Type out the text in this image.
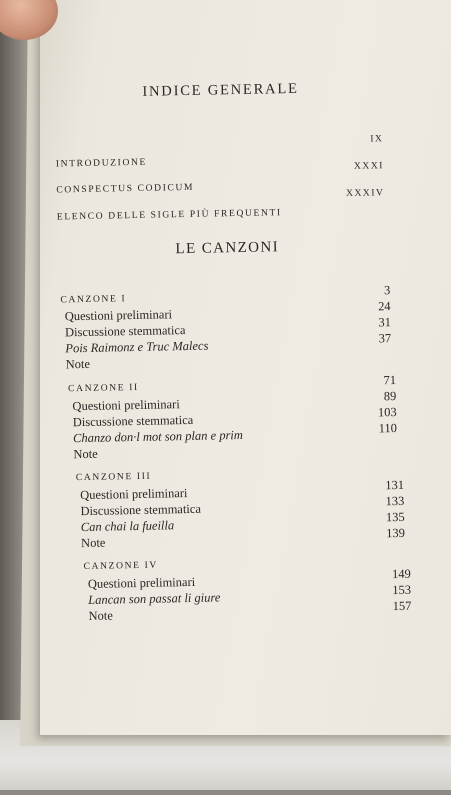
INDICE GENERALE
INTRODUZIONE
IX
CONSPECTUS CODICUM
XXXI
ELENCO DELLE SIGLE PIÙ FREQUENTI
XXXIV
LE CANZONI
CANZONE I
3
Questioni preliminari
24
Discussione stemmatica
31
Pois Raimonz e Truc Malecs
37
Note
CANZONE II
71
Questioni preliminari
89
Discussione stemmatica
103
Chanzo don·l mot son plan e prim	110
Note
CANZONE III
Questioni preliminari
131
Discussione stemmatica
133
Can chai la fueilla
135
Note
139
CANZONE IV
Questioni preliminari
149
Lancan son passat li giure
153
Note
157
